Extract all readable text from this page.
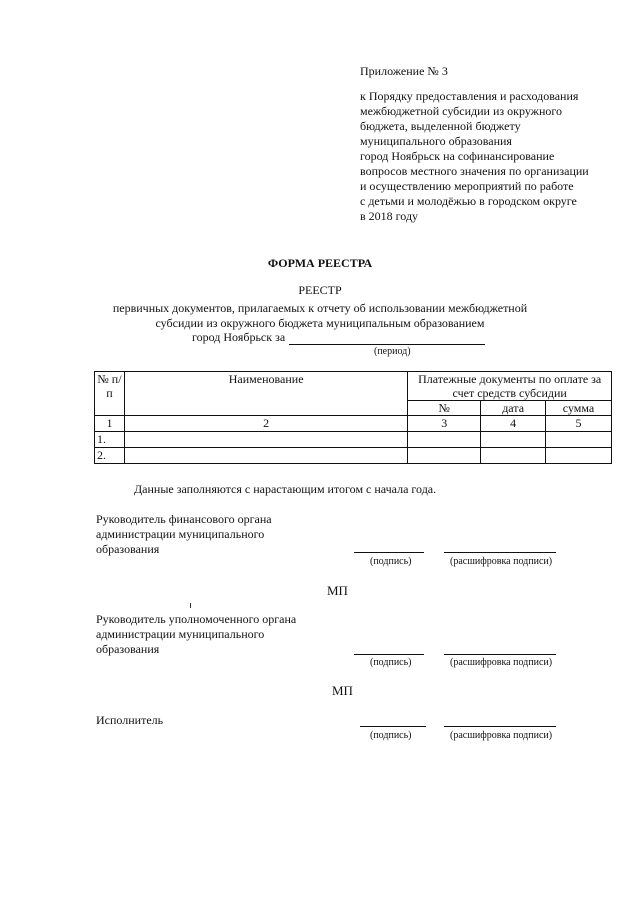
Приложение № 3
к Порядку предоставления и расходования
межбюджетной субсидии из окружного
бюджета, выделенной бюджету
муниципального образования
город Ноябрьск на софинансирование
вопросов местного значения по организации
и осуществлению мероприятий по работе
с детьми и молодёжью в городском округе
в 2018 году
ФОРМА РЕЕСТРА
РЕЕСТР
первичных документов, прилагаемых к отчету об использовании межбюджетной
субсидии из окружного бюджета муниципальным образованием
город Ноябрьск за
(период)
№ п/п	Наименование	Платежные документы по оплате за счет средств субсидии		
		№	дата	сумма
1	2	3	4	5
1.				
2.				
Данные заполняются с нарастающим итогом с начала года.
Руководитель финансового органа
администрации муниципального
образования
(подпись)	(расшифровка подписи)
МП
Руководитель уполномоченного органа
администрации муниципального
образования
(подпись)	(расшифровка подписи)
МП
Исполнитель
(подпись)	(расшифровка подписи)
